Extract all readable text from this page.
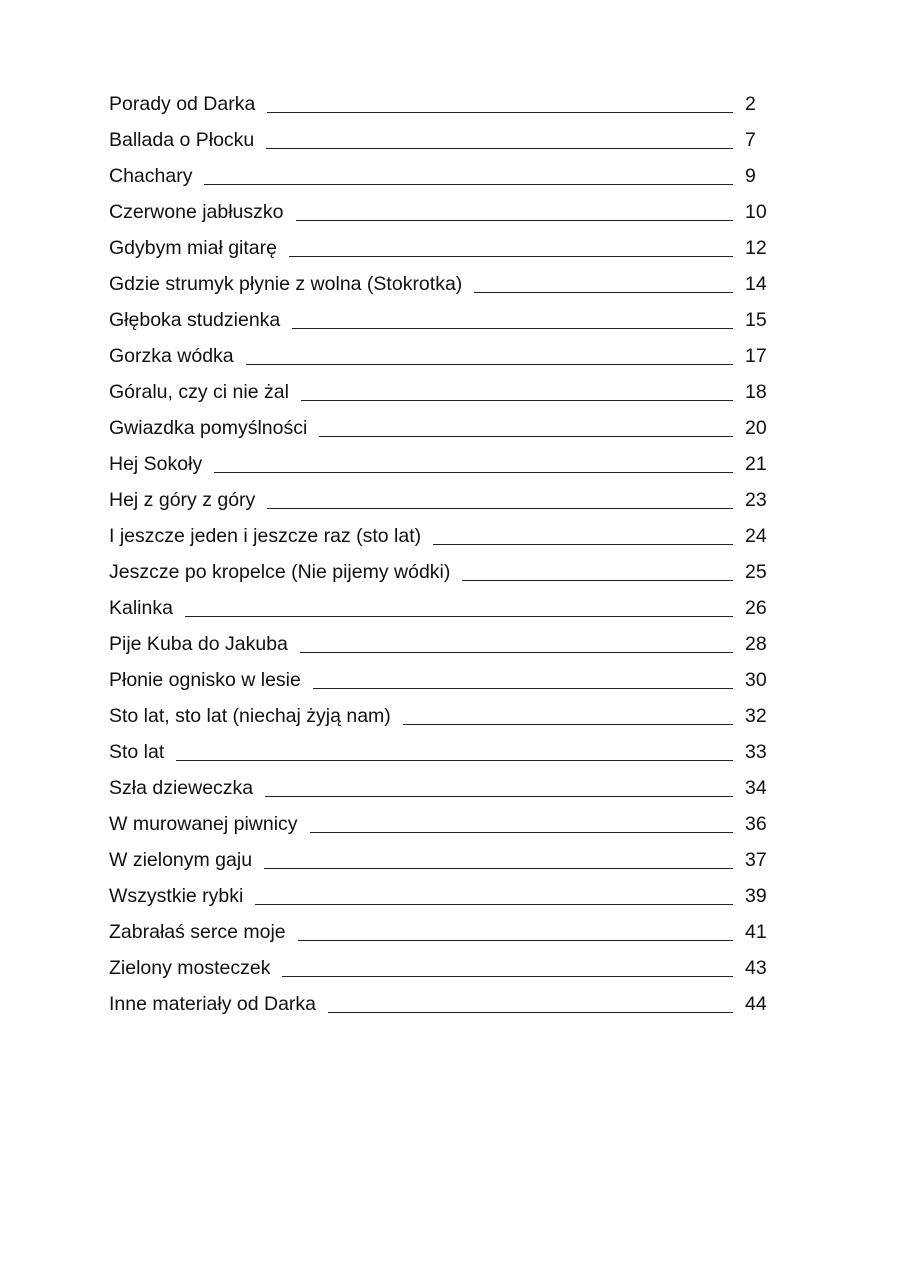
Porady od Darka	2
Ballada o Płocku	7
Chachary	9
Czerwone jabłuszko	10
Gdybym miał gitarę	12
Gdzie strumyk płynie z wolna (Stokrotka)	14
Głęboka studzienka	15
Gorzka wódka	17
Góralu, czy ci nie żal	18
Gwiazdka pomyślności	20
Hej Sokoły	21
Hej z góry z góry	23
I jeszcze jeden i jeszcze raz (sto lat)	24
Jeszcze po kropelce (Nie pijemy wódki)	25
Kalinka	26
Pije Kuba do Jakuba	28
Płonie ognisko w lesie	30
Sto lat, sto lat (niechaj żyją nam)	32
Sto lat	33
Szła dzieweczka	34
W murowanej piwnicy	36
W zielonym gaju	37
Wszystkie rybki	39
Zabrałaś serce moje	41
Zielony mosteczek	43
Inne materiały od Darka	44
